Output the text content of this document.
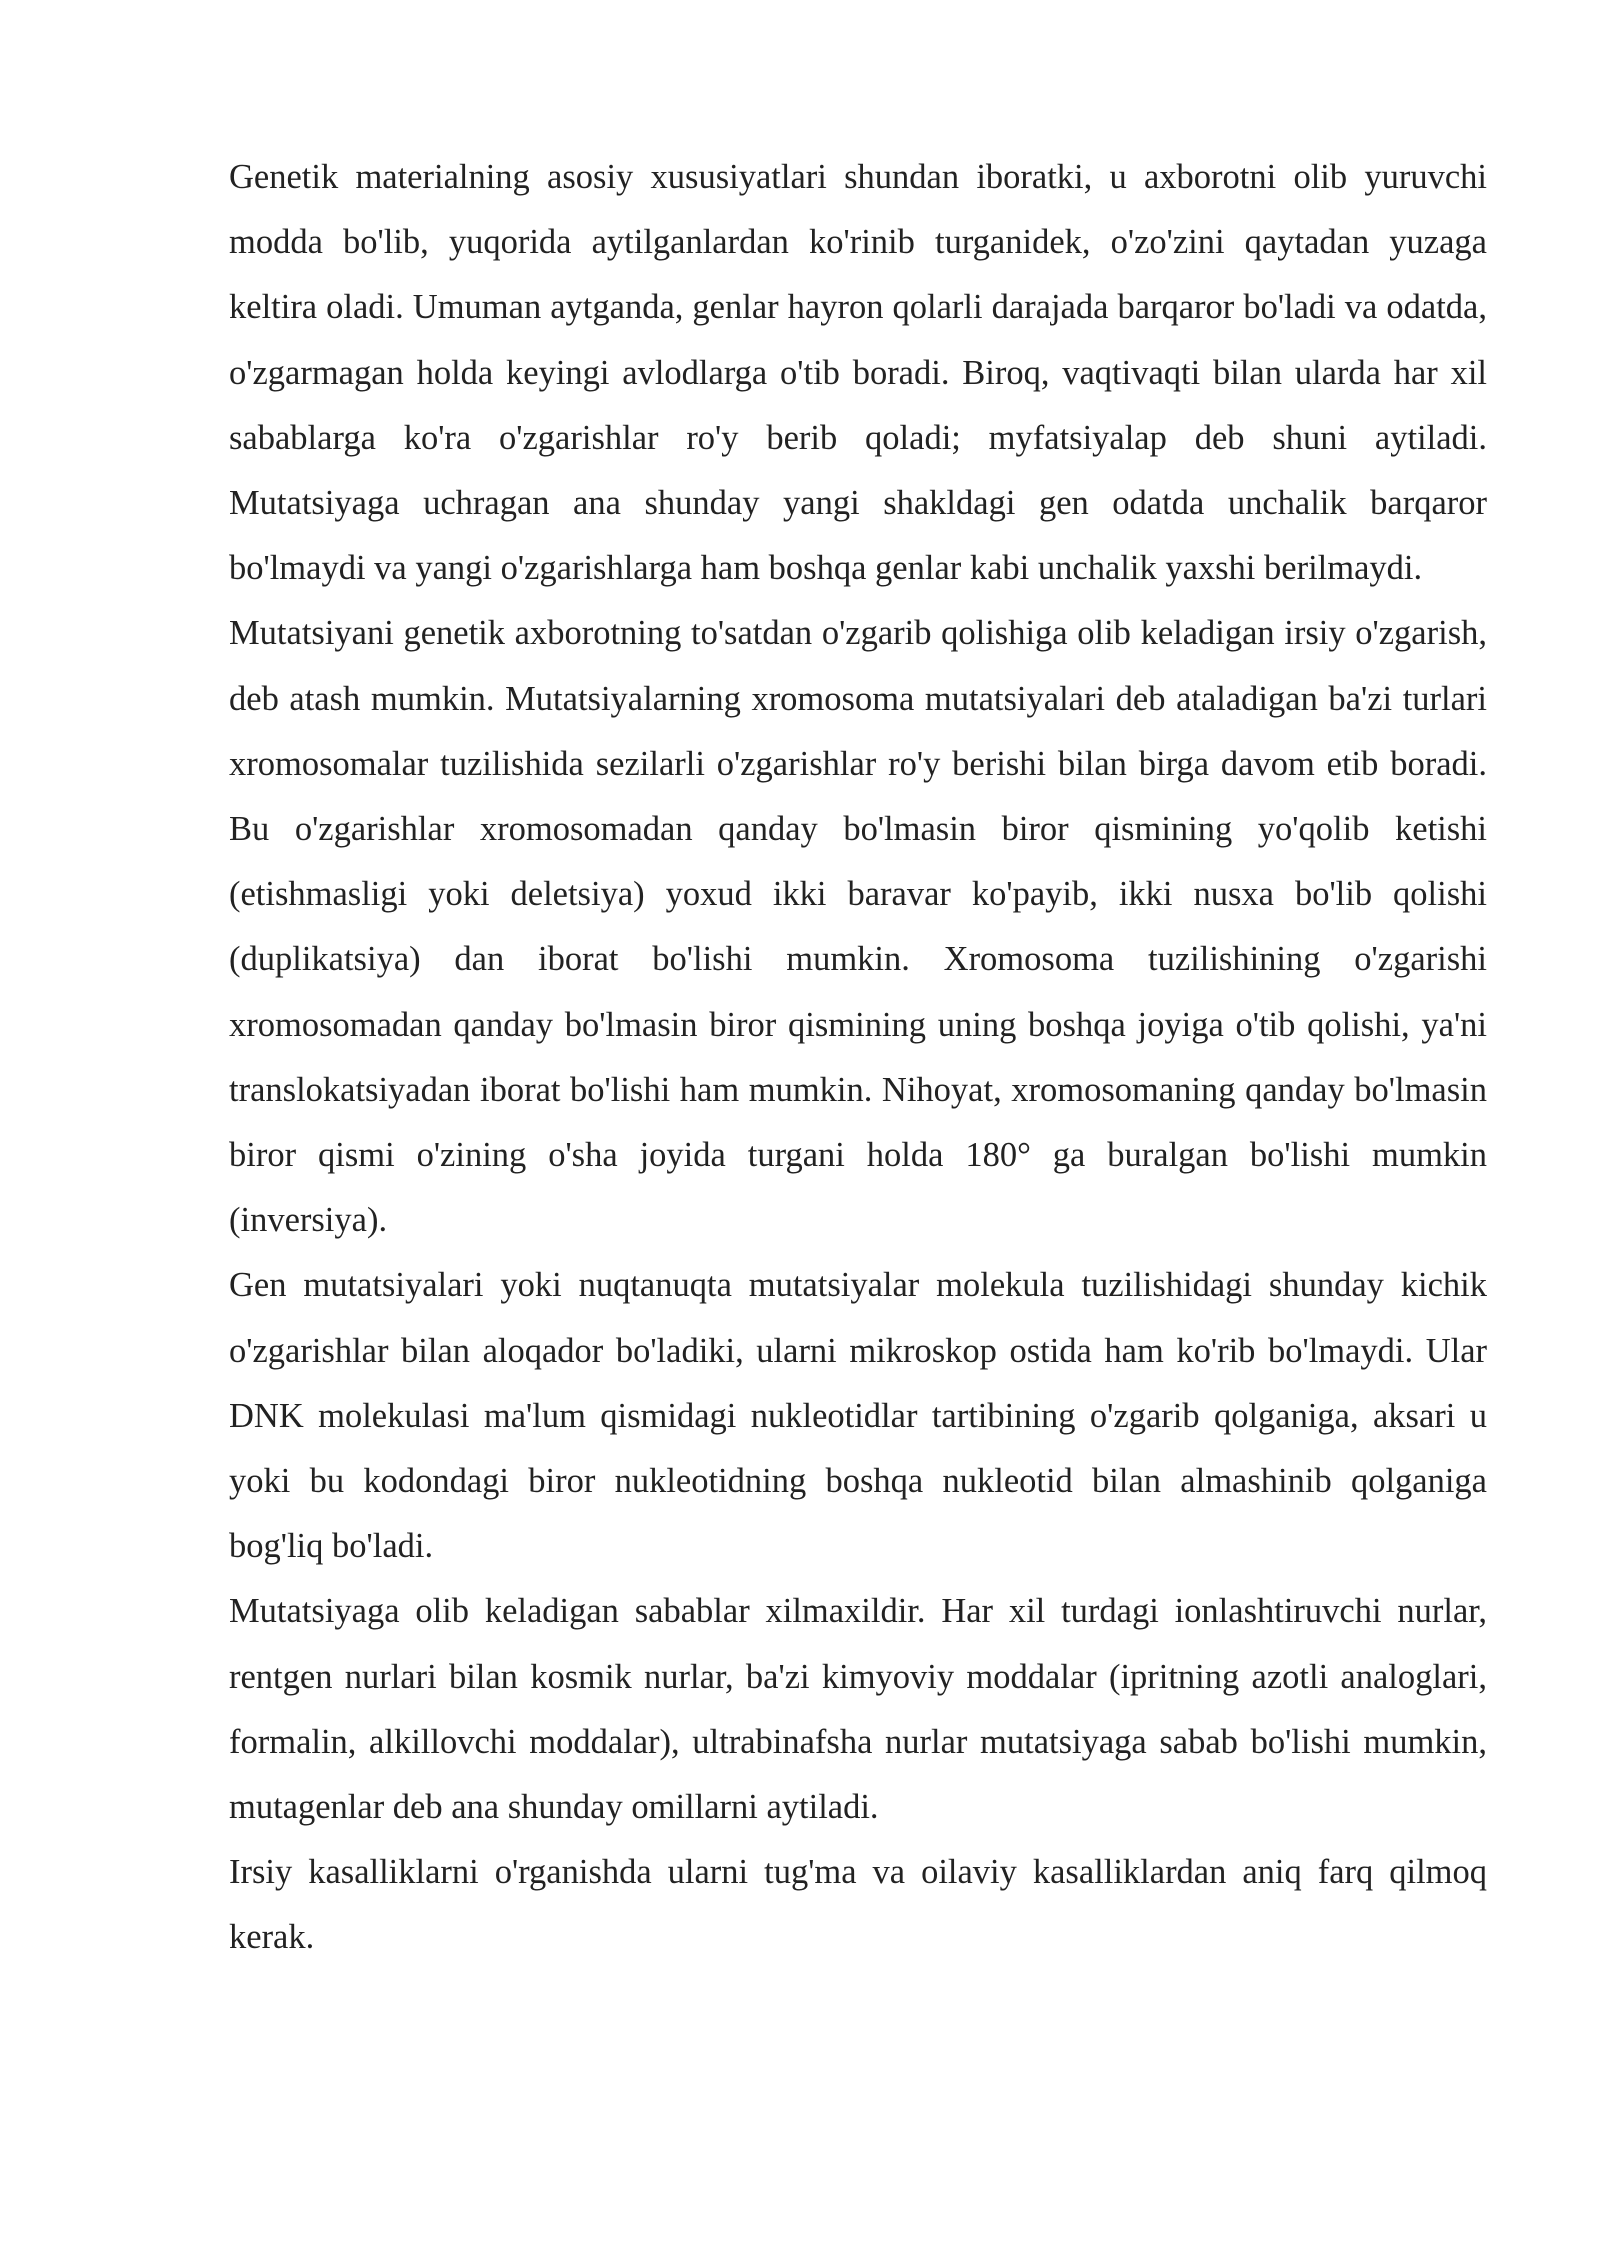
Genetik materialning asosiy xususiyatlari shundan iboratki, u axborotni olib yuruvchi modda bo'lib, yuqorida aytilganlardan ko'rinib turganidek, o'zo'zini qaytadan yuzaga keltira oladi. Umuman aytganda, genlar hayron qolarli darajada barqaror bo'ladi va odatda, o'zgarmagan holda keyingi avlodlarga o'tib boradi. Biroq, vaqtivaqti bilan ularda har xil sabablarga ko'ra o'zgarishlar ro'y berib qoladi; myfatsiyalap deb shuni aytiladi. Mutatsiyaga uchragan ana shunday yangi shakldagi gen odatda unchalik barqaror bo'lmaydi va yangi o'zgarishlarga ham boshqa genlar kabi unchalik yaxshi berilmaydi.

Mutatsiyani genetik axborotning to'satdan o'zgarib qolishiga olib keladigan irsiy o'zgarish, deb atash mumkin. Mutatsiyalarning xromosoma mutatsiyalari deb ataladigan ba'zi turlari xromosomalar tuzilishida sezilarli o'zgarishlar ro'y berishi bilan birga davom etib boradi. Bu o'zgarishlar xromosomadan qanday bo'lmasin biror qismining yo'qolib ketishi (etishmasligi yoki deletsiya) yoxud ikki baravar ko'payib, ikki nusxa bo'lib qolishi (duplikatsiya) dan iborat bo'lishi mumkin. Xromosoma tuzilishining o'zgarishi xromosomadan qanday bo'lmasin biror qismining uning boshqa joyiga o'tib qolishi, ya'ni translokatsiyadan iborat bo'lishi ham mumkin. Nihoyat, xromosomaning qanday bo'lmasin biror qismi o'zining o'sha joyida turgani holda 180° ga buralgan bo'lishi mumkin (inversiya).

Gen mutatsiyalari yoki nuqtanuqta mutatsiyalar molekula tuzilishidagi shunday kichik o'zgarishlar bilan aloqador bo'ladiki, ularni mikroskop ostida ham ko'rib bo'lmaydi. Ular DNK molekulasi ma'lum qismidagi nukleotidlar tartibining o'zgarib qolganiga, aksari u yoki bu kodondagi biror nukleotidning boshqa nukleotid bilan almashinib qolganiga bog'liq bo'ladi.

Mutatsiyaga olib keladigan sabablar xilmaxildir. Har xil turdagi ionlashtiruvchi nurlar, rentgen nurlari bilan kosmik nurlar, ba'zi kimyoviy moddalar (ipritning azotli analoglari, formalin, alkillovchi moddalar), ultrabinafsha nurlar mutatsiyaga sabab bo'lishi mumkin, mutagenlar deb ana shunday omillarni aytiladi.

Irsiy kasalliklarni o'rganishda ularni tug'ma va oilaviy kasalliklardan aniq farq qilmoq kerak.
